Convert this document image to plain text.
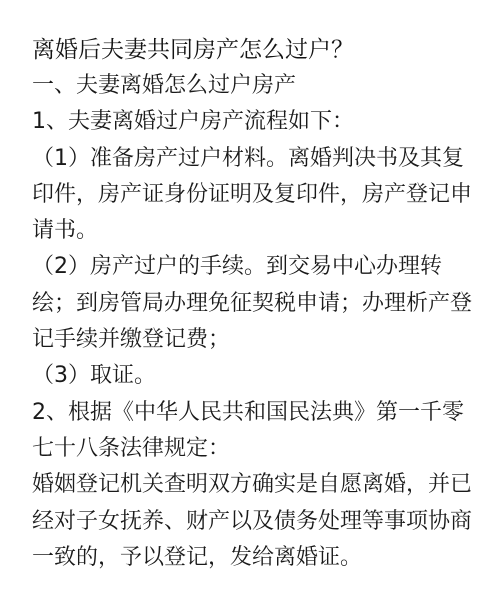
离婚后夫妻共同房产怎么过户？
一、夫妻离婚怎么过户房产
1、夫妻离婚过户房产流程如下：
（1）准备房产过户材料。离婚判决书及其复
印件，房产证身份证明及复印件，房产登记申
请书。
（2）房产过户的手续。到交易中心办理转
绘；到房管局办理免征契税申请；办理析产登
记手续并缴登记费；
（3）取证。
2、根据《中华人民共和国民法典》第一千零
七十八条法律规定：
婚姻登记机关查明双方确实是自愿离婚，并已
经对子女抚养、财产以及债务处理等事项协商
一致的，予以登记，发给离婚证。
